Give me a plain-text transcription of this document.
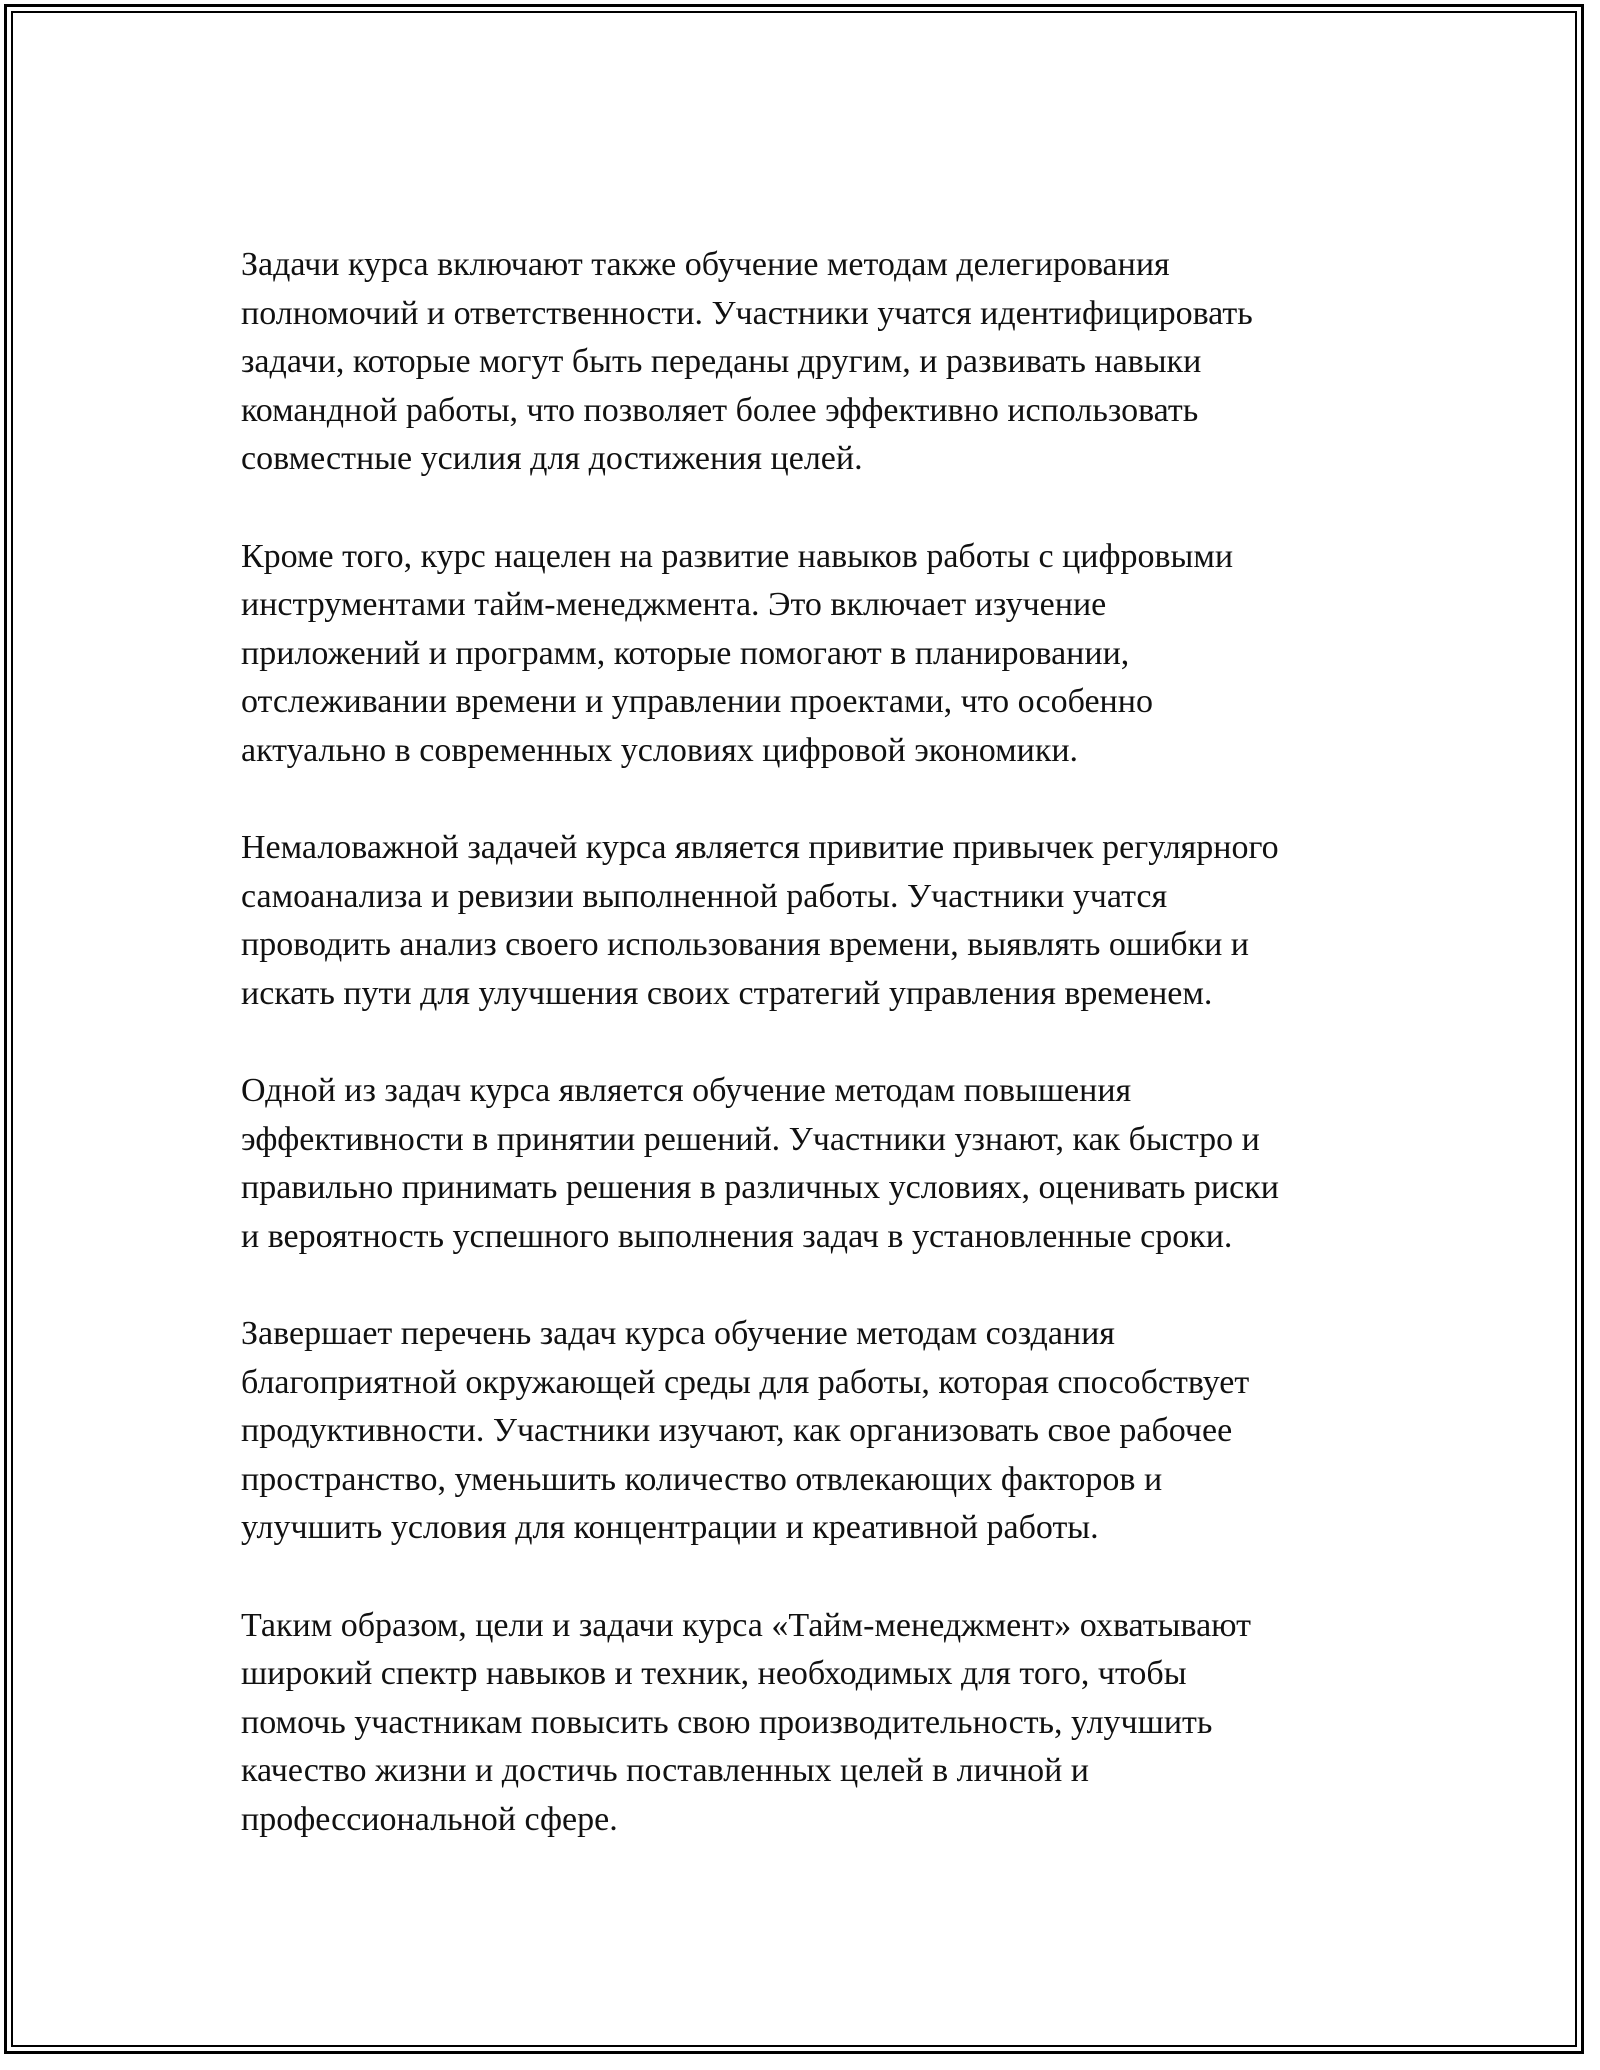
Задачи курса включают также обучение методам делегирования
полномочий и ответственности. Участники учатся идентифицировать
задачи, которые могут быть переданы другим, и развивать навыки
командной работы, что позволяет более эффективно использовать
совместные усилия для достижения целей.

Кроме того, курс нацелен на развитие навыков работы с цифровыми
инструментами тайм-менеджмента. Это включает изучение
приложений и программ, которые помогают в планировании,
отслеживании времени и управлении проектами, что особенно
актуально в современных условиях цифровой экономики.

Немаловажной задачей курса является привитие привычек регулярного
самоанализа и ревизии выполненной работы. Участники учатся
проводить анализ своего использования времени, выявлять ошибки и
искать пути для улучшения своих стратегий управления временем.

Одной из задач курса является обучение методам повышения
эффективности в принятии решений. Участники узнают, как быстро и
правильно принимать решения в различных условиях, оценивать риски
и вероятность успешного выполнения задач в установленные сроки.

Завершает перечень задач курса обучение методам создания
благоприятной окружающей среды для работы, которая способствует
продуктивности. Участники изучают, как организовать свое рабочее
пространство, уменьшить количество отвлекающих факторов и
улучшить условия для концентрации и креативной работы.

Таким образом, цели и задачи курса «Тайм-менеджмент» охватывают
широкий спектр навыков и техник, необходимых для того, чтобы
помочь участникам повысить свою производительность, улучшить
качество жизни и достичь поставленных целей в личной и
профессиональной сфере.
